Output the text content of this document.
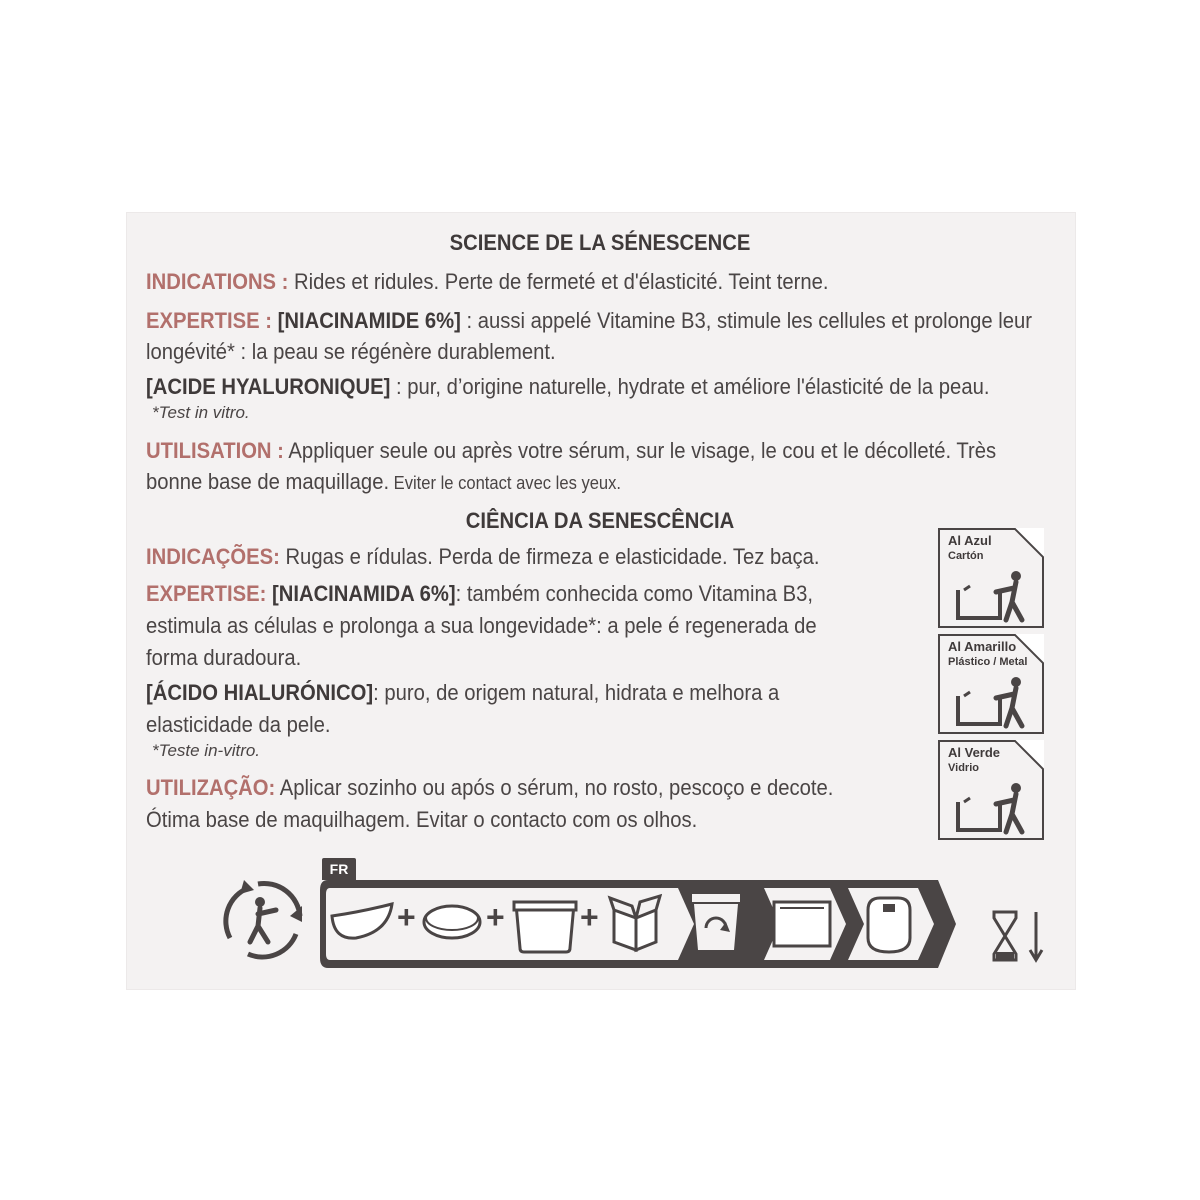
SCIENCE DE LA SÉNESCENCE
INDICATIONS : Rides et ridules. Perte de fermeté et d'élasticité. Teint terne.
EXPERTISE : [NIACINAMIDE 6%] : aussi appelé Vitamine B3, stimule les cellules et prolonge leur
longévité* : la peau se régénère durablement.
[ACIDE HYALURONIQUE] : pur, d’origine naturelle, hydrate et améliore l'élasticité de la peau.
*Test in vitro.
UTILISATION : Appliquer seule ou après votre sérum, sur le visage, le cou et le décolleté. Très
bonne base de maquillage. Eviter le contact avec les yeux.
CIÊNCIA DA SENESCÊNCIA
INDICAÇÕES: Rugas e rídulas. Perda de firmeza e elasticidade. Tez baça.
EXPERTISE: [NIACINAMIDA 6%]: também conhecida como Vitamina B3,
estimula as células e prolonga a sua longevidade*: a pele é regenerada de
forma duradoura.
[ÁCIDO HIALURÓNICO]: puro, de origem natural, hidrata e melhora a
elasticidade da pele.
*Teste in-vitro.
UTILIZAÇÃO: Aplicar sozinho ou após o sérum, no rosto, pescoço e decote.
Ótima base de maquilhagem. Evitar o contacto com os olhos.
Al Azul
Cartón
Al Amarillo
Plástico / Metal
Al Verde
Vidrio
FR
+ + +
